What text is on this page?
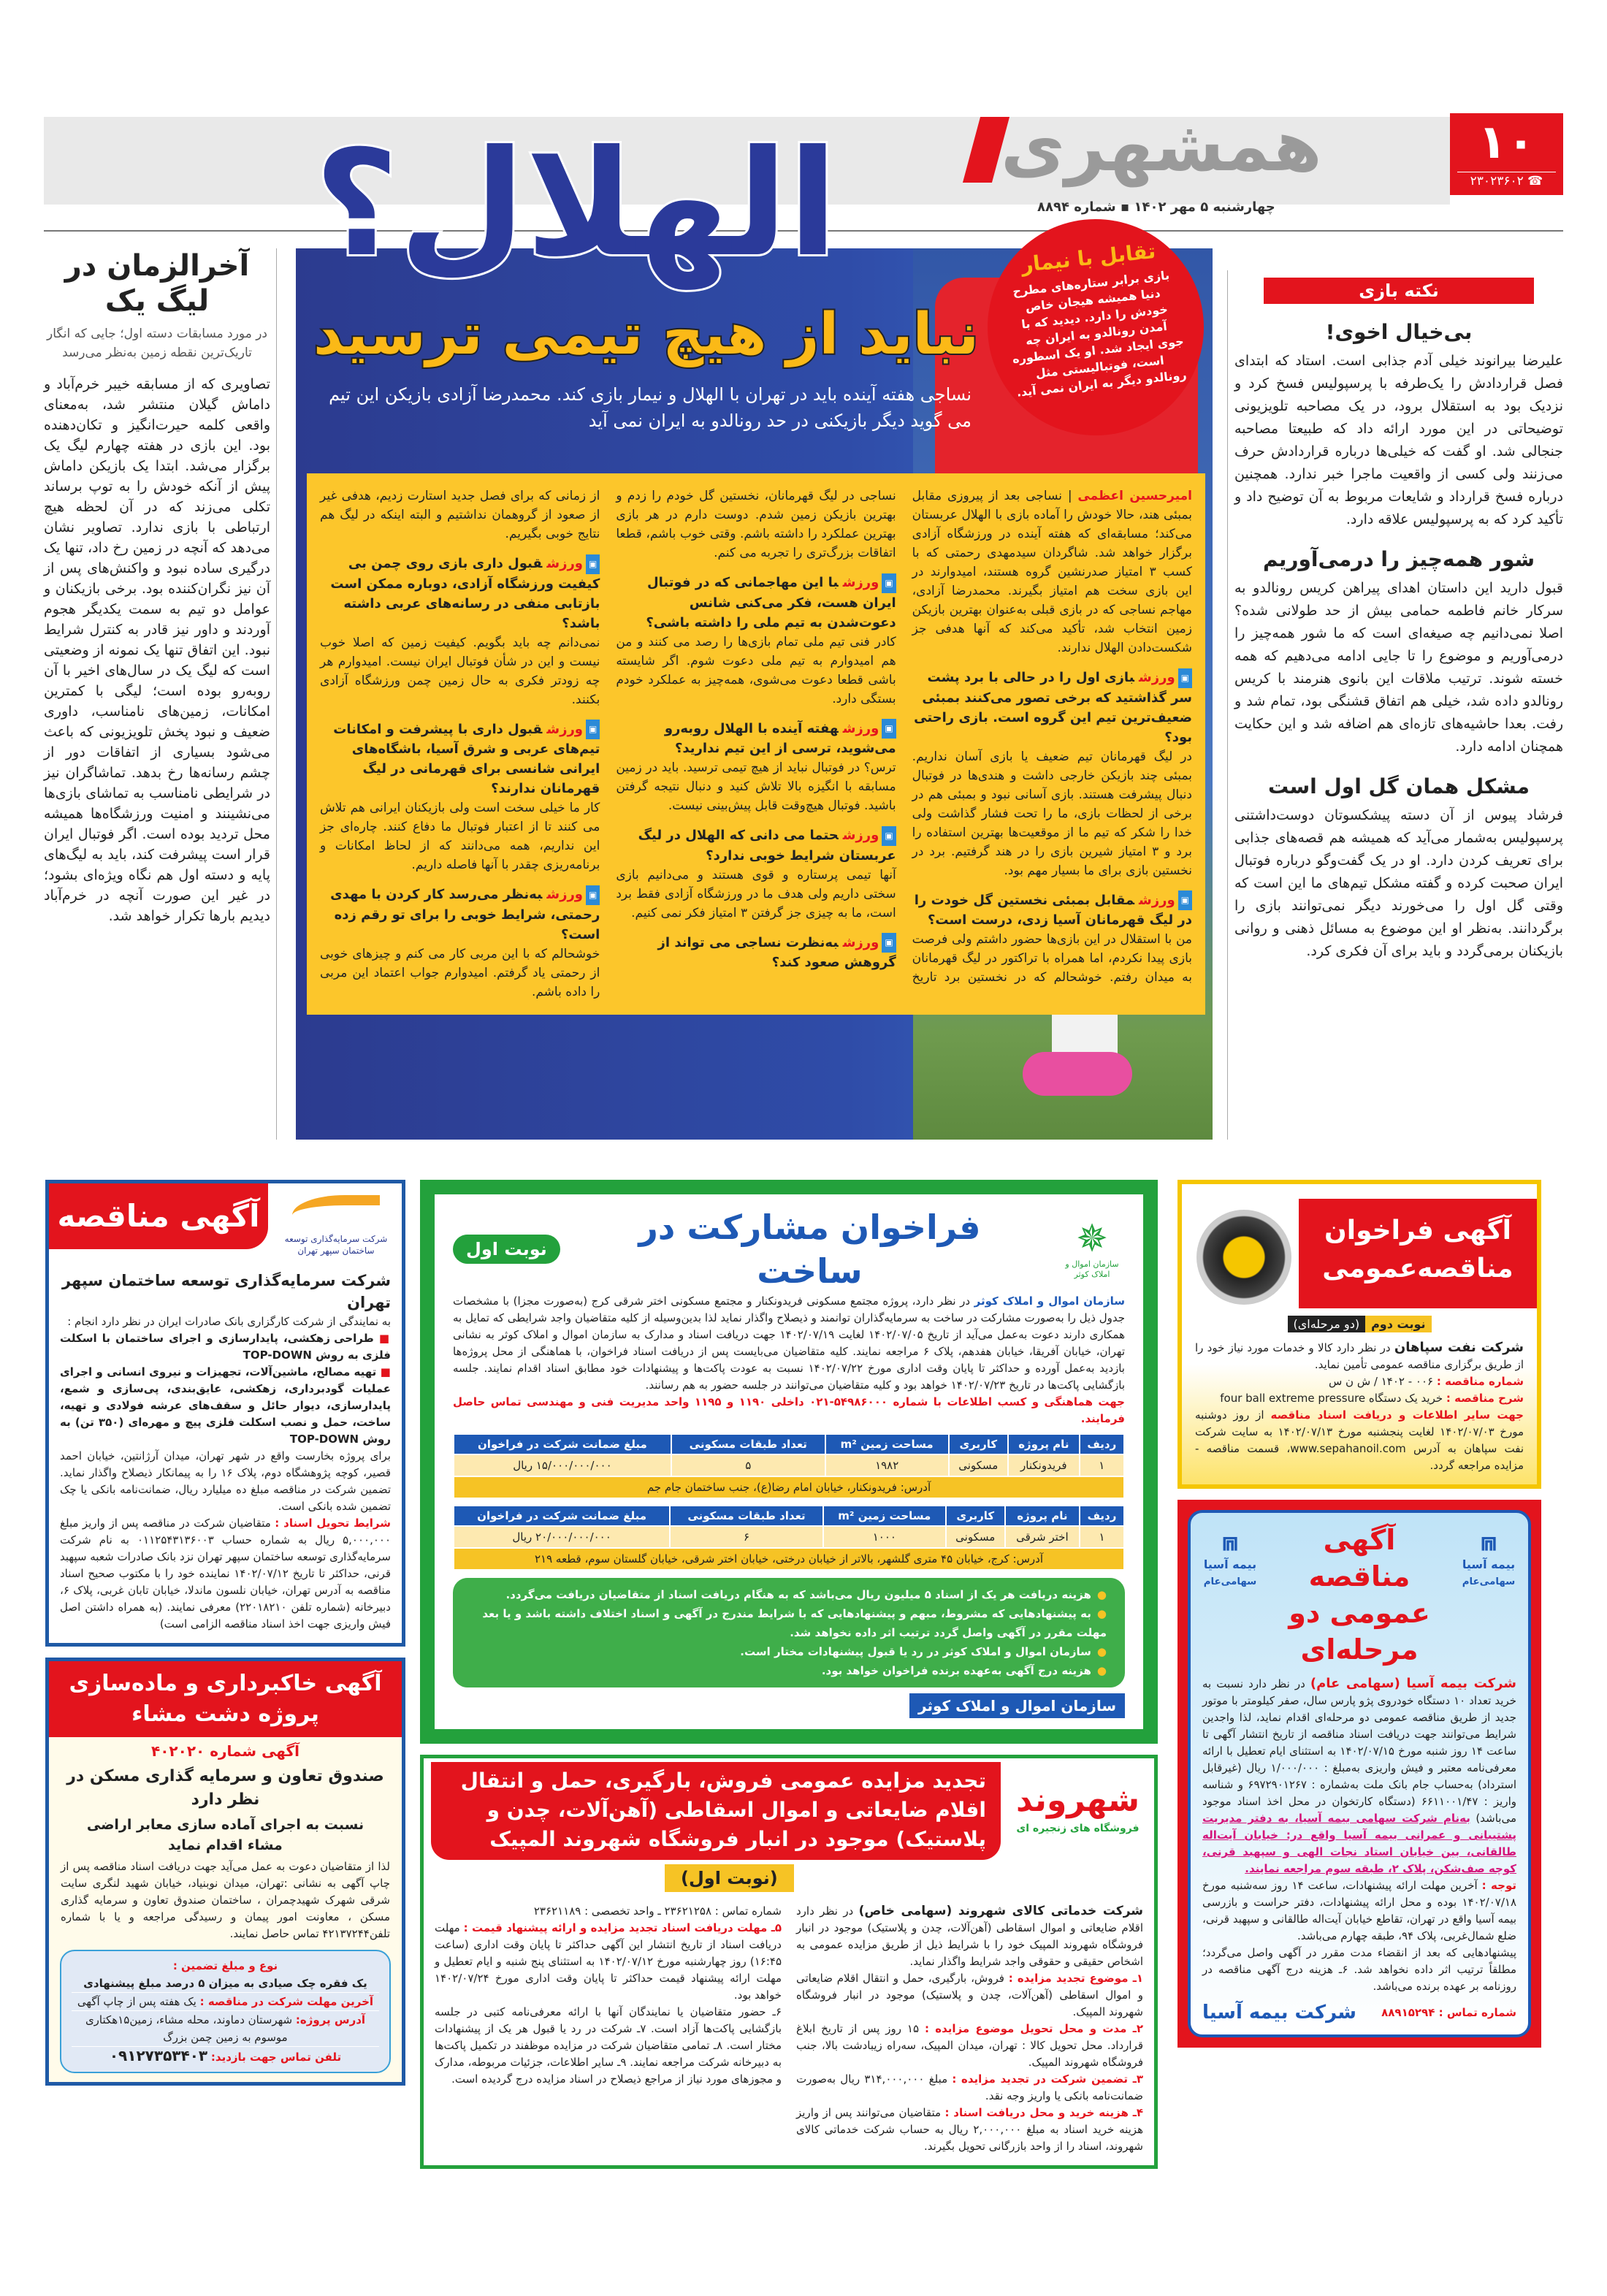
همشهری	۱۰
☎ ۲۳۰۲۳۶۰۲
چهارشنبه ۵ مهر ۱۴۰۲ ▪ شماره ۸۸۹۴
آخرالزمان در لیگ یک
در مورد مسابقات دسته اول؛ جایی که انگار تاریک‌ترین نقطه زمین به‌نظر می‌رسد

تصاویری که از مسابقه خیبر خرم‌آباد و داماش گیلان منتشر شد، به‌معنای واقعی کلمه حیرت‌انگیز و تکان‌دهنده بود. این بازی در هفته چهارم لیگ یک برگزار می‌شد. ابتدا یک بازیکن داماش پیش از آنکه خودش را به توپ برساند تکلی می‌زند که در آن لحظه هیچ ارتباطی با بازی ندارد. تصاویر نشان می‌دهد که آنچه در زمین رخ داد، تنها یک درگیری ساده نبود و واکنش‌های پس از آن نیز نگران‌کننده بود. برخی بازیکنان و عوامل دو تیم به سمت یکدیگر هجوم آوردند و داور نیز قادر به کنترل شرایط نبود. این اتفاق تنها یک نمونه از وضعیتی است که لیگ یک در سال‌های اخیر با آن روبه‌رو بوده است؛ لیگی با کمترین امکانات، زمین‌های نامناسب، داوری ضعیف و نبود پخش تلویزیونی که باعث می‌شود بسیاری از اتفاقات دور از چشم رسانه‌ها رخ بدهد. تماشاگران نیز در شرایطی نامناسب به تماشای بازی‌ها می‌نشینند و امنیت ورزشگاه‌ها همیشه محل تردید بوده است. اگر فوتبال ایران قرار است پیشرفت کند، باید به لیگ‌های پایه و دسته اول هم نگاه ویژه‌ای بشود؛ در غیر این صورت آنچه در خرم‌آباد دیدیم بارها تکرار خواهد شد.

الهلال؟
نباید از هیچ تیمی ترسید
نساجی هفته آینده باید در تهران با الهلال و نیمار بازی کند. محمدرضا آزادی بازیکن این تیم می گوید دیگر بازیکنی در حد رونالدو به ایران نمی آید

امیرحسین اعظمی | نساجی بعد از پیروزی مقابل بمبئی هند، حالا خودش را آماده بازی با الهلال عربستان می‌کند؛ مسابقه‌ای که هفته آینده در ورزشگاه آزادی برگزار خواهد شد. شاگردان سیدمهدی رحمتی که با کسب ۳ امتیاز صدرنشین گروه هستند، امیدوارند در این بازی سخت هم امتیاز بگیرند. محمدرضا آزادی، مهاجم نساجی که در بازی قبلی به‌عنوان بهترین بازیکن زمین انتخاب شد، تأکید می‌کند که آنها هدفی جز شکست‌دادن الهلال ندارند.

▣ورزشبازی اول را در حالی با برد پشت سر گذاشتید که برخی تصور می‌کنند بمبئی ضعیف‌ترین تیم این گروه است. بازی راحتی بود؟

در لیگ قهرمانان تیم ضعیف یا بازی آسان نداریم. بمبئی چند بازیکن خارجی داشت و هندی‌ها در فوتبال دنبال پیشرفت هستند. بازی آسانی نبود و بمبئی هم در برخی از لحظات بازی، ما را تحت فشار گذاشت ولی خدا را شکر که تیم ما از موقعیت‌ها بهترین استفاده را برد و ۳ امتیاز شیرین بازی را در هند گرفتیم. برد در نخستین بازی برای ما بسیار مهم بود.

▣ورزشمقابل بمبئی نخستین گل خودت را در لیگ قهرمانان آسیا زدی، درست است؟

من با استقلال در این بازی‌ها حضور داشتم ولی فرصت بازی پیدا نکردم، اما همراه با تراکتور در لیگ قهرمانان به میدان رفتم. خوشحالم که در نخستین برد تاریخ نساجی در لیگ قهرمانان، نخستین گل خودم را زدم و بهترین بازیکن زمین شدم. دوست دارم در هر بازی بهترین عملکرد را داشته باشم. وقتی خوب باشم، قطعا اتفاقات بزرگ‌تری را تجربه می کنم.

▣ورزشبا این مهاجمانی که در فوتبال ایران هست، فکر می‌کنی شانس دعوت‌شدن به تیم ملی را داشته باشی؟

کادر فنی تیم ملی تمام بازی‌ها را رصد می کنند و من هم امیدوارم به تیم ملی دعوت شوم. اگر شایسته باشی قطعا دعوت می‌شوی، همه‌چیز به عملکرد خودم بستگی دارد.

▣ورزشهفته آینده با الهلال روبه‌رو می‌شوید، ترسی از این تیم ندارید؟

ترس؟ در فوتبال نباید از هیچ تیمی ترسید. باید در زمین مسابقه با انگیزه بالا تلاش کنید و دنبال نتیجه گرفتن باشید. فوتبال هیچ‌وقت قابل پیش‌بینی نیست.

▣ورزشحتما می دانی که الهلال در لیگ عربستان شرایط خوبی ندارد؟

آنها تیمی پرستاره و قوی هستند و می‌دانیم بازی سختی داریم ولی هدف ما در ورزشگاه آزادی فقط برد است، ما به چیزی جز گرفتن ۳ امتیاز فکر نمی کنیم.

▣ورزشبه‌نظرت نساجی می تواند از گروهش صعود کند؟

از زمانی که برای فصل جدید استارت زدیم، هدفی غیر از صعود از گروهمان نداشتیم و البته اینکه در لیگ هم نتایج خوبی بگیریم.

▣ورزشقبول داری بازی روی چمن بی کیفیت ورزشگاه آزادی، دوباره ممکن است بازتابی منفی در رسانه‌های عربی داشته باشد؟

نمی‌دانم چه باید بگویم. کیفیت زمین که اصلا خوب نیست و این در شأن فوتبال ایران نیست. امیدوارم هر چه زودتر فکری به حال زمین چمن ورزشگاه آزادی بکنند.

▣ورزشقبول داری با پیشرفت و امکانات تیم‌های عربی و شرق آسیا، باشگاه‌های ایرانی شانسی برای قهرمانی در لیگ قهرمانان ندارند؟

کار ما خیلی سخت است ولی بازیکنان ایرانی هم تلاش می کنند تا از اعتبار فوتبال ما دفاع کنند. چاره‌ای جز این نداریم، همه می‌دانند که از لحاظ امکانات و برنامه‌ریزی چقدر با آنها فاصله داریم.

▣ورزشبه‌نظر می‌رسد کار کردن با مهدی رحمتی، شرایط خوبی را برای تو رقم زده است؟

خوشحالم که با این مربی کار می کنم و چیزهای خوبی از رحمتی یاد گرفتم. امیدوارم جواب اعتماد این مربی را داده باشم.

تقابل با نیمار
بازی برابر ستاره‌های مطرح دنیا همیشه هیجان خاص خودش را دارد. دیدید که با آمدن رونالدو به ایران چه جوی ایجاد شد. او یک اسطوره است، فوتبالیستی مثل رونالدو دیگر به ایران نمی آید.
نکته بازی
بی‌خیال اخوی!

علیرضا بیرانوند خیلی آدم جذابی است. استاد که ابتدای فصل قراردادش را یک‌طرفه با پرسپولیس فسخ کرد و نزدیک بود به استقلال برود، در یک مصاحبه تلویزیونی توضیحاتی در این مورد ارائه داد که طبیعتا مصاحبه جنجالی شد. او گفت که خیلی‌ها درباره قراردادش حرف می‌زنند ولی کسی از واقعیت ماجرا خبر ندارد. همچنین درباره فسخ قرارداد و شایعات مربوط به آن توضیح داد و تأکید کرد که به پرسپولیس علاقه دارد.

شور همه‌چیز را درمی‌آوریم

قبول دارید این داستان اهدای پیراهن کریس رونالدو به سرکار خانم فاطمه حمامی بیش از حد طولانی شده؟ اصلا نمی‌دانیم چه صیغه‌ای است که ما شور همه‌چیز را درمی‌آوریم و موضوع را تا جایی ادامه می‌دهیم که همه خسته شوند. ترتیب ملاقات این بانوی هنرمند با کریس رونالدو داده شد، خیلی هم اتفاق قشنگی بود، تمام شد و رفت. بعدا حاشیه‌های تازه‌ای هم اضافه شد و این حکایت همچنان ادامه دارد.

مشکل همان گل اول است

فرشاد پیوس از آن دسته پیشکسوتان دوست‌داشتنی پرسپولیس به‌شمار می‌آید که همیشه هم قصه‌های جذابی برای تعریف کردن دارد. او در یک گفت‌وگو درباره فوتبال ایران صحبت کرده و گفته مشکل تیم‌های ما این است که وقتی گل اول را می‌خورند دیگر نمی‌توانند بازی را برگردانند. به‌نظر او این موضوع به مسائل ذهنی و روانی بازیکنان برمی‌گردد و باید برای آن فکری کرد.

آگهی مناقصه
شرکت سرمایه‌گذاری توسعه ساختمان سپهر تهران
شرکت سرمایه‌گذاری توسعه ساختمان سپهر تهران

به نمایندگی از شرکت کارگزاری بانک صادرات ایران در نظر دارد انجام :

■ طراحی زهکشی، پایدارسازی و اجرای ساختمان با اسکلت فلزی به روش TOP-DOWN

■ تهیه مصالح، ماشین‌آلات، تجهیزات و نیروی انسانی و اجرای عملیات گودبرداری، زهکشی، عایق‌بندی، پی‌سازی و شمع، پایدارسازی، دیوار حائل و سقف‌های عرشه فولادی و تهیه، ساخت، حمل و نصب اسکلت فلزی پیچ و مهره‌ای (۳۵۰ تن) به روش TOP-DOWN

برای پروژه بخارست واقع در شهر تهران، میدان آرژانتین، خیابان احمد قصیر، کوچه پژوهشگاه دوم، پلاک ۱۶ را به پیمانکار ذیصلاح واگذار نماید. تضمین شرکت در مناقصه مبلغ ده میلیارد ریال، ضمانت‌نامه بانکی یا چک تضمین شده بانکی است.

شرایط تحویل اسناد : متقاضیان شرکت در مناقصه پس از واریز مبلغ ۵,۰۰۰,۰۰۰ ریال به شماره حساب ۰۱۱۲۵۴۳۱۳۶۰۰۳ به نام شرکت سرمایه‌گذاری توسعه ساختمان سپهر تهران نزد بانک صادرات شعبه سپهبد قرنی، حداکثر تا تاریخ ۱۴۰۲/۰۷/۱۲ نماینده خود را با مکتوب صحیح اسناد مناقصه به آدرس تهران، خیابان نلسون ماندلا، خیابان تابان غربی، پلاک ۶، دبیرخانه (شماره تلفن ۲۲۰۱۸۲۱۰) معرفی نمایند. (به همراه داشتن اصل فیش واریزی جهت اخذ اسناد مناقصه الزامی است)

آگهی خاکبرداری و ماده‌سازی پروژه دشت مشاء
آگهی شماره ۴۰۲۰۲۰
صندوق تعاون و سرمایه گذاری مسکن در نظر دارد
نسبت به اجرای آماده سازی معابر اراضی مشاء اقدام نماید

لذا از متقاضیان دعوت به عمل می‌آید جهت دریافت اسناد مناقصه پس از چاپ آگهی به نشانی :تهران، میدان نوبنیاد، خیابان شهید لنگری سایت شرقی شهرک شهیدچمران ، ساختمان صندوق تعاون و سرمایه گذاری مسکن ، معاونت امور پیمان و رسیدگی مراجعه و یا با شماره تلفن۴۲۱۳۷۲۴۴ تماس حاصل نمایند.

نوع و مبلغ تضمین :
یک فقره چک صیادی به میزان ۵ درصد مبلغ پیشنهادی
آخرین مهلت شرکت در مناقصه : یک هفته پس از چاپ آگهی
آدرس پروژه: شهرستان دماوند، محله مشاء، زمین۱۵هکتاری موسوم به زمین چمن بزرگ
تلفن تماس جهت بازدید: ۰۹۱۲۷۳۵۳۴۰۳
✵
سازمان اموال و املاک کوثر
فراخوان مشارکت در ساخت
نوبت اول

سازمان اموال و املاک کوثر در نظر دارد، پروژه مجتمع مسکونی فریدونکنار و مجتمع مسکونی اختر شرقی کرج (به‌صورت مجزا) با مشخصات جدول ذیل را به‌صورت مشارکت در ساخت به سرمایه‌گذاران توانمند و ذیصلاح واگذار نماید لذا بدین‌وسیله از کلیه متقاضیان واجد شرایطی که تمایل به همکاری دارند دعوت به‌عمل می‌آید از تاریخ ۱۴۰۲/۰۷/۰۵ لغایت ۱۴۰۲/۰۷/۱۹ جهت دریافت اسناد و مدارک به سازمان اموال و املاک کوثر به نشانی تهران، خیابان آفریقا، خیابان هفدهم، پلاک ۶ مراجعه نمایند. کلیه متقاضیان می‌بایست پس از دریافت اسناد فراخوان، با هماهنگی از محل پروژه‌ها بازدید به‌عمل آورده و حداکثر تا پایان وقت اداری مورخ ۱۴۰۲/۰۷/۲۲ نسبت به عودت پاکت‌ها و پیشنهادات خود مطابق اسناد اقدام نمایند. جلسه بازگشایی پاکت‌ها در تاریخ ۱۴۰۲/۰۷/۲۳ خواهد بود و کلیه متقاضیان می‌توانند در جلسه حضور به هم رسانند.

جهت هماهنگی و کسب اطلاعات با شماره ۵۴۹۸۶۰۰۰-۰۲۱ داخلی ۱۱۹۰ و ۱۱۹۵ واحد مدیریت فنی و مهندسی تماس حاصل فرمایند.

ردیف	نام پروژه	کاربری	مساحت زمین m²	تعداد طبقات مسکونی	مبلغ ضمانت شرکت در فراخوان
۱	فریدونکنار	مسکونی	۱۹۸۲	۵	۱۵/۰۰۰/۰۰۰/۰۰۰ ریال
آدرس: فریدونکنار، خیابان امام رضا(ع)، جنب ساختمان جام جم					
ردیف	نام پروژه	کاربری	مساحت زمین m²	تعداد طبقات مسکونی	مبلغ ضمانت شرکت در فراخوان
۱	اختر شرقی	مسکونی	۱۰۰۰	۶	۲۰/۰۰۰/۰۰۰/۰۰۰ ریال
آدرس: کرج، خیابان ۴۵ متری گلشهر، بالاتر از خیابان درختی، خیابان اختر شرقی، خیابان گلستان سوم، قطعه ۲۱۹					
● هزینه دریافت هر یک از اسناد ۵ میلیون ریال می‌باشد که به هنگام دریافت اسناد از متقاضیان دریافت می‌گردد.
● به پیشنهادهایی که مشروط، مبهم و پیشنهادهایی که با شرایط مندرج در آگهی و اسناد اختلاف داشته باشد و یا بعد مهلت مقرر در آگهی واصل گردد ترتیب اثر داده نخواهد شد.
● سازمان اموال و املاک کوثر در رد یا قبول پیشنهادات مختار است.
● هزینه درج آگهی به‌عهده برنده فراخوان خواهد بود.
سازمان اموال و املاک کوثر
تجدید مزایده عمومی فروش، بارگیری، حمل و انتقال اقلام ضایعاتی و اموال اسقاطی (آهن‌آلات، چدن و پلاستیک) موجود در انبار فروشگاه شهروند المپیک
شهروند
فروشگاه های زنجیره ای
(نوبت اول)

شرکت خدماتی کالای شهروند (سهامی خاص) در نظر دارد اقلام ضایعاتی و اموال اسقاطی (آهن‌آلات، چدن و پلاستیک) موجود در انبار فروشگاه شهروند المپیک خود را با شرایط ذیل از طریق مزایده عمومی به اشخاص حقیقی و حقوقی واجد شرایط واگذار نماید.

۱ـ موضوع تجدید مزایده : فروش، بارگیری، حمل و انتقال اقلام ضایعاتی و اموال اسقاطی (آهن‌آلات، چدن و پلاستیک) موجود در انبار فروشگاه شهروند المپیک.

۲ـ مدت و محل تحویل موضوع مزایده : ۱۵ روز پس از تاریخ ابلاغ قرارداد. محل تحویل کالا : تهران، میدان المپیک، سه‌راه زیبادشت بالا، جنب فروشگاه شهروند المپیک.

۳ـ تضمین شرکت در تجدید مزایده : مبلغ ۳۱۴,۰۰۰,۰۰۰ ریال به‌صورت ضمانت‌نامه بانکی یا واریز وجه نقد.

۴ـ هزینه خرید و محل دریافت اسناد : متقاضیان می‌توانند پس از واریز هزینه خرید اسناد به مبلغ ۲,۰۰۰,۰۰۰ ریال به حساب شرکت خدماتی کالای شهروند، اسناد را از واحد بازرگانی تحویل بگیرند.

شماره تماس : ۲۳۶۲۱۲۵۸ ـ واحد تخصصی : ۲۳۶۲۱۱۸۹

۵ـ مهلت دریافت اسناد تجدید مزایده و ارائه پیشنهاد قیمت : مهلت دریافت اسناد از تاریخ انتشار این آگهی حداکثر تا پایان وقت اداری (ساعت ۱۶:۴۵) روز چهارشنبه مورخ ۱۴۰۲/۰۷/۱۲ به استثنای پنج شنبه و ایام تعطیل و مهلت ارائه پیشنهاد قیمت حداکثر تا پایان وقت اداری مورخ ۱۴۰۲/۰۷/۲۴ خواهد بود.

۶ـ حضور متقاضیان یا نمایندگان آنها با ارائه معرفی‌نامه کتبی در جلسه بازگشایی پاکت‌ها آزاد است. ۷ـ شرکت در رد یا قبول هر یک از پیشنهادات مختار است. ۸ـ تمامی متقاضیان شرکت در مزایده موظفند در تکمیل پاکت‌ها به دبیرخانه شرکت مراجعه نمایند. ۹ـ سایر اطلاعات، جزئیات مربوطه، مدارک و مجوزهای مورد نیاز از مراجع ذیصلاح در اسناد مزایده درج گردیده است.

آگهی فراخوان مناقصه‌عمومی
نوبت دوم(دو مرحله‌ای)

شرکت نفت سپاهان در نظر دارد کالا و خدمات مورد نیاز خود را از طریق برگزاری مناقصه عمومی تأمین نماید.

شماره مناقصه : ۰۰۶ - ۱۴۰۲ / ش ن س

شرح مناقصه : خرید یک دستگاه four ball extreme pressure

جهت سایر اطلاعات و دریافت اسناد مناقصه از روز دوشنبه مورخ ۱۴۰۲/۰۷/۰۳ لغایت پنجشنبه مورخ ۱۴۰۲/۰۷/۱۳ به سایت شرکت نفت سپاهان به آدرس www.sepahanoil.com، قسمت مناقصه - مزایده مراجعه گردد.

⩎
بیمه آسیا
سهامی‌عام
⩎
بیمه آسیا
سهامی‌عام
آگهی مناقصه عمومی دو مرحله‌ای

شرکت بیمه آسیا (سهامی عام) در نظر دارد نسبت به خرید تعداد ۱۰ دستگاه خودروی پژو پارس سال، صفر کیلومتر با موتور جدید از طریق مناقصه عمومی دو مرحله‌ای اقدام نماید، لذا واجدین شرایط می‌توانند جهت دریافت اسناد مناقصه از تاریخ انتشار آگهی تا ساعت ۱۴ روز شنبه مورخ ۱۴۰۲/۰۷/۱۵ به استثنای ایام تعطیل با ارائه معرفی‌نامه معتبر و فیش واریزی به‌مبلغ : ۱/۰۰۰/۰۰۰ ریال (غیرقابل استرداد) به‌حساب جام بانک ملت به‌شماره : ۶۹۷۲۹۰۱۲۶۷ و شناسه واریز : ۶۶۱۱۰۰۱/۴۷ (دستگاه کارتخوان در محل اخذ اسناد موجود می‌باشد) به‌نام شرکت سهامی بیمه آسیا، به دفتر مدیریت پشتیبانی و عمرانی بیمه آسیا واقع در: خیابان آیت‌اله طالقانی، بین خیابان استاد نجات الهی و سپهبد قرنی، کوچه صف‌شکن، پلاک ۲، طبقه سوم مراجعه نمایند.

توجه : آخرین مهلت ارائه پیشنهادات، ساعت ۱۴ روز سه‌شنبه مورخ ۱۴۰۲/۰۷/۱۸ بوده و محل ارائه پیشنهادات، دفتر حراست و بازرسی بیمه آسیا واقع در تهران، تقاطع خیابان آیت‌اله طالقانی و سپهبد قرنی، ضلع شمال‌غربی، پلاک ۹۴، طبقه چهارم می‌باشد.

پیشنهادهایی که بعد از انقضاء مدت مقرر در آگهی واصل می‌گردد؛ مطلقاً ترتیب اثر داده نخواهد شد. ۶ـ هزینه درج آگهی مناقصه در روزنامه بر عهده برنده می‌باشد.

شماره تماس : ۸۸۹۱۵۲۹۴
شرکت بیمه آسیا
